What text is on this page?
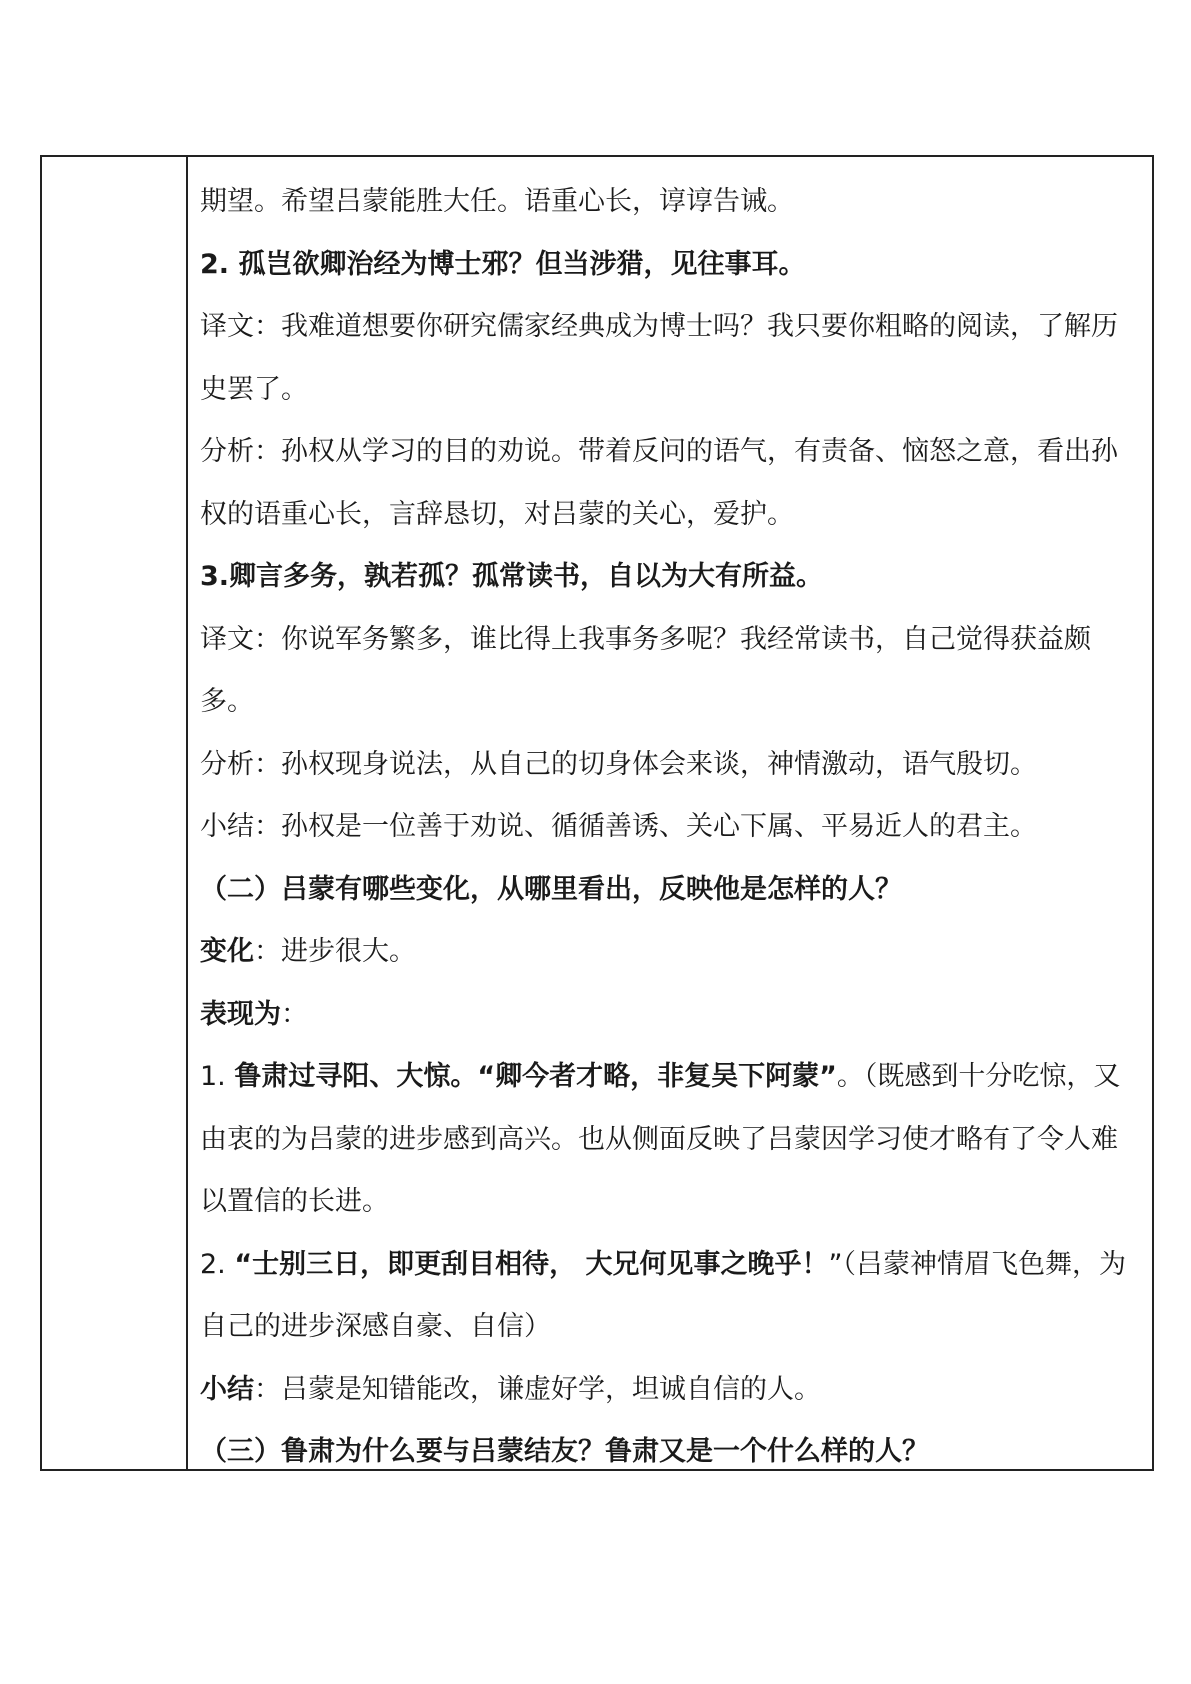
期望。希望吕蒙能胜大任。语重心长，谆谆告诫。

2. 孤岂欲卿治经为博士邪？但当涉猎，见往事耳。

译文：我难道想要你研究儒家经典成为博士吗？我只要你粗略的阅读，了解历史罢了。

分析：孙权从学习的目的劝说。带着反问的语气，有责备、恼怒之意，看出孙权的语重心长，言辞恳切，对吕蒙的关心，爱护。

3.卿言多务，孰若孤？孤常读书，自以为大有所益。

译文：你说军务繁多，谁比得上我事务多呢？我经常读书，自己觉得获益颇多。

分析：孙权现身说法，从自己的切身体会来谈，神情激动，语气殷切。

小结：孙权是一位善于劝说、循循善诱、关心下属、平易近人的君主。

（二）吕蒙有哪些变化，从哪里看出，反映他是怎样的人？

变化：进步很大。

表现为：

1. 鲁肃过寻阳、大惊。“卿今者才略，非复吴下阿蒙”。（既感到十分吃惊，又由衷的为吕蒙的进步感到高兴。也从侧面反映了吕蒙因学习使才略有了令人难以置信的长进。

2. “士别三日，即更刮目相待， 大兄何见事之晚乎！”（吕蒙神情眉飞色舞，为自己的进步深感自豪、自信）

小结：吕蒙是知错能改，谦虚好学，坦诚自信的人。

（三）鲁肃为什么要与吕蒙结友？鲁肃又是一个什么样的人？
